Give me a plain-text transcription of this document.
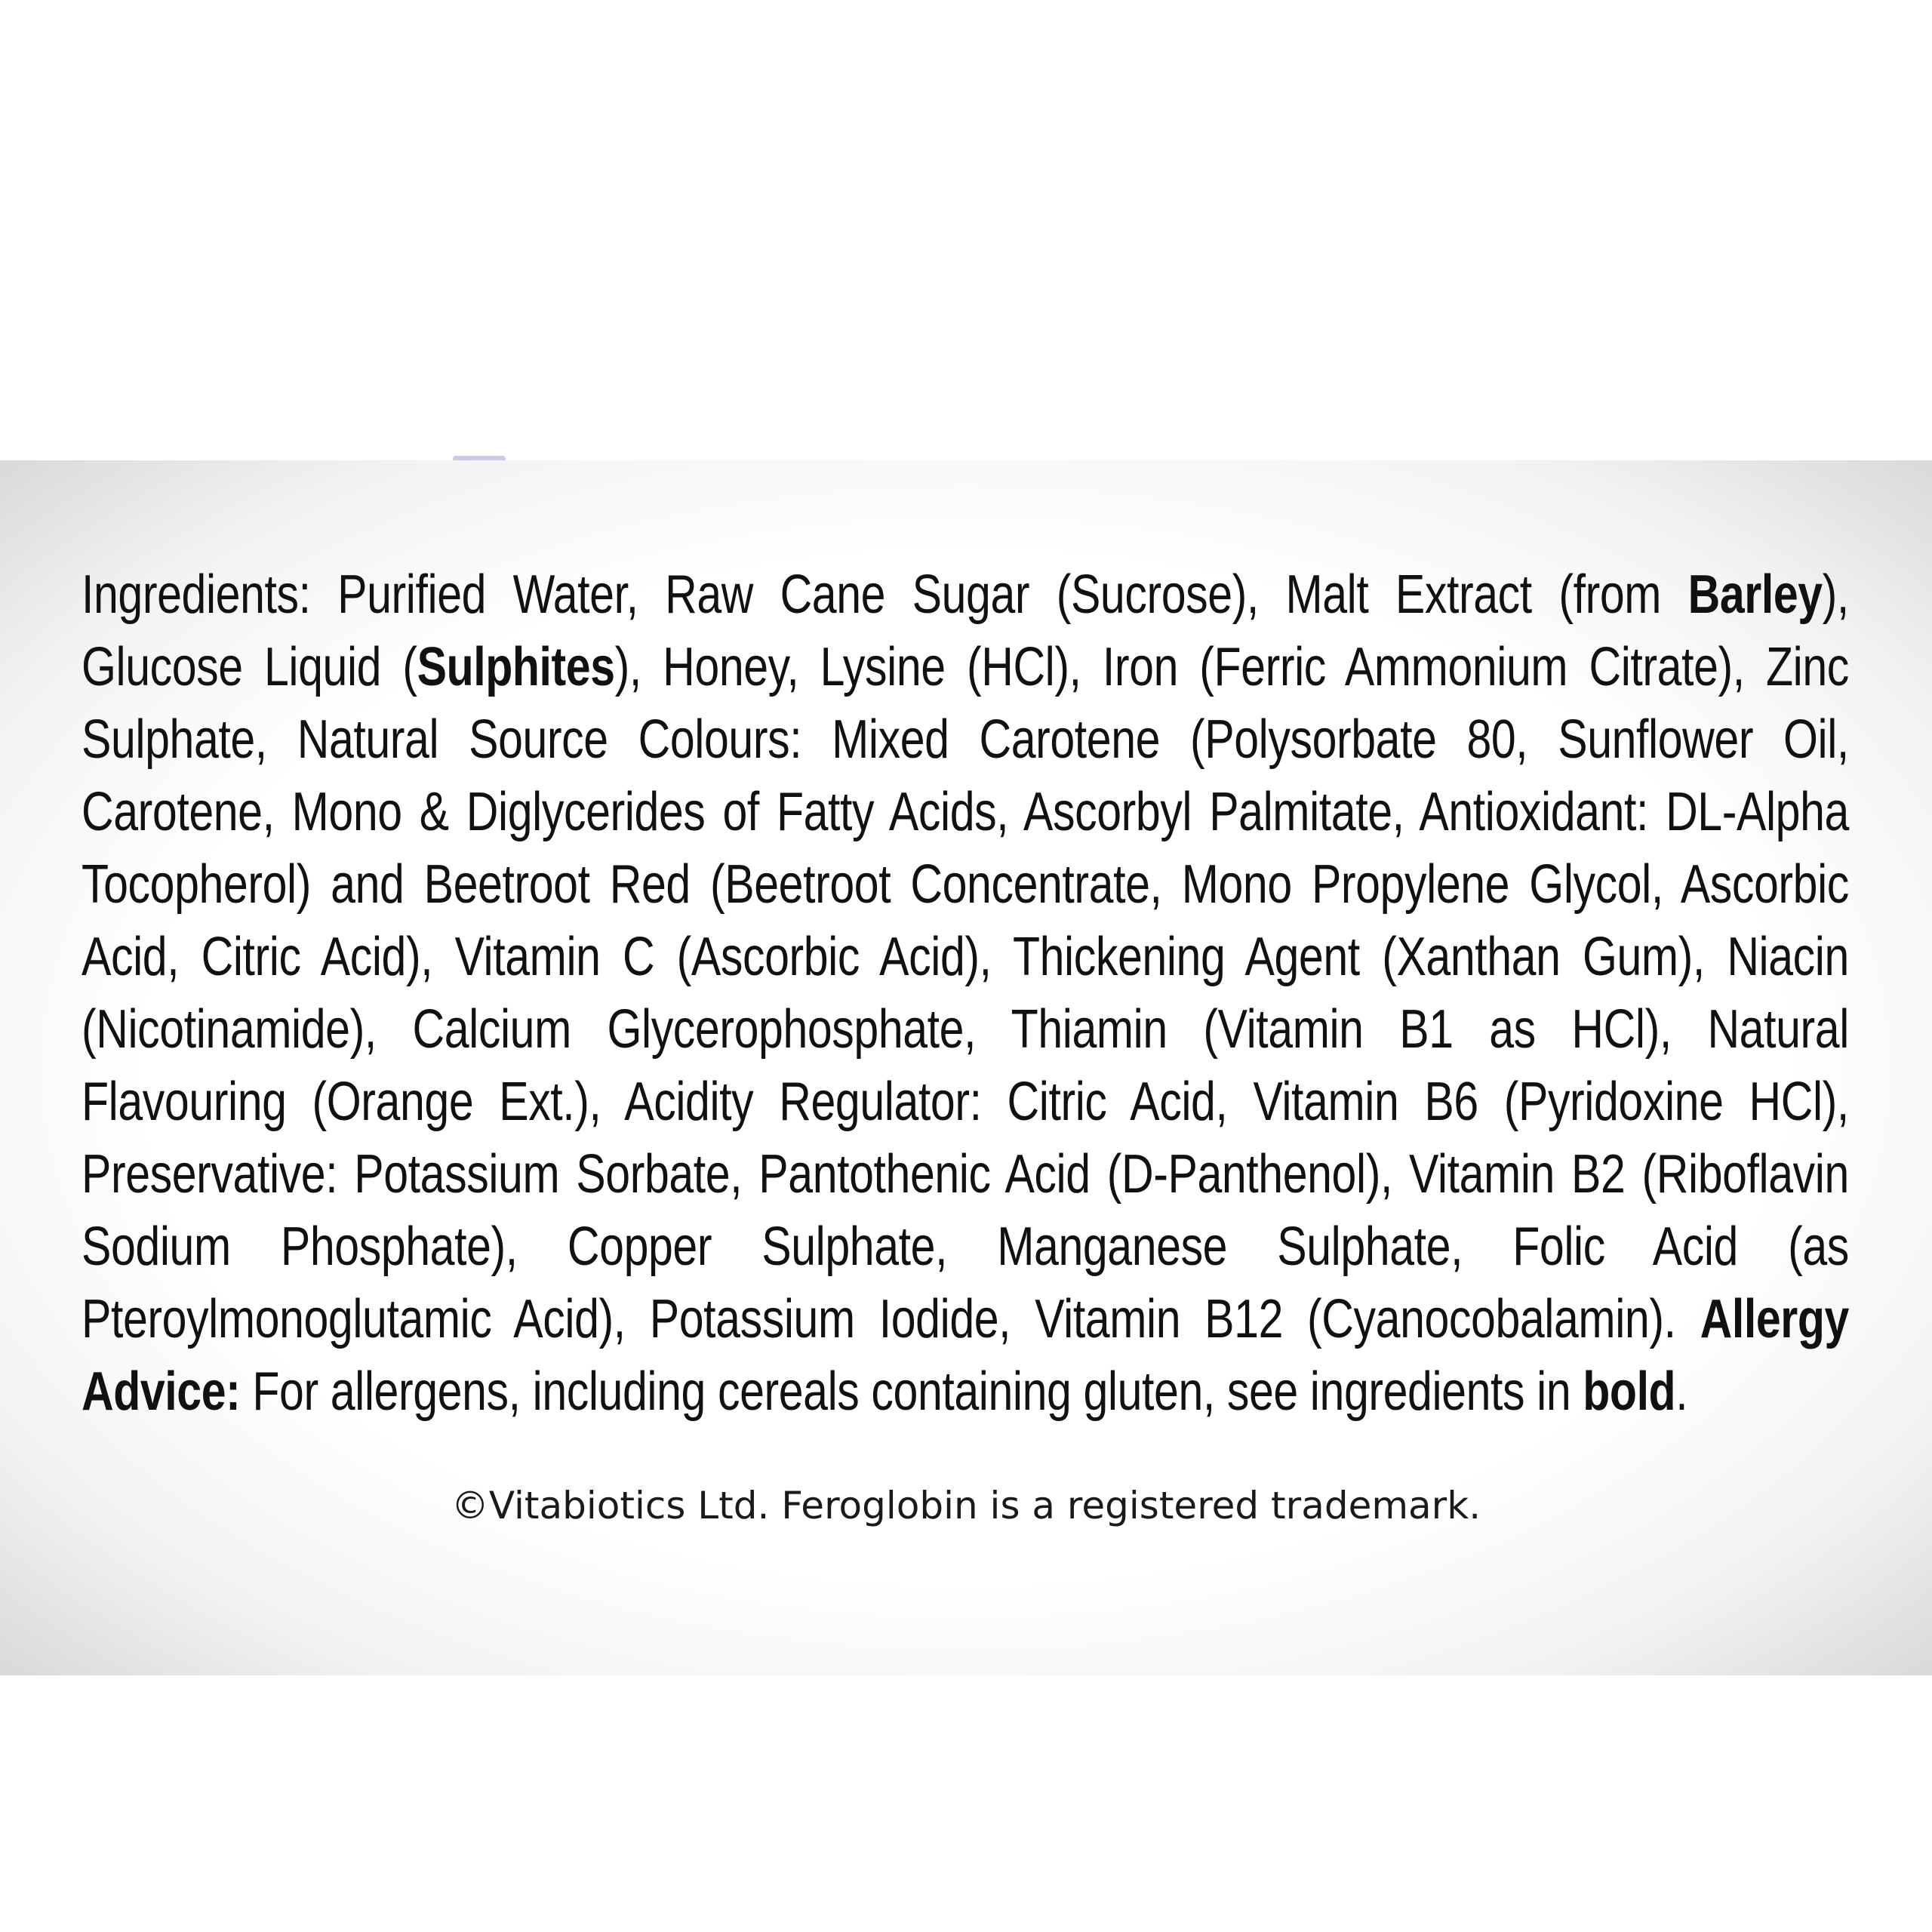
Ingredients: Purified Water, Raw Cane Sugar (Sucrose), Malt Extract (from Barley), Glucose Liquid (Sulphites), Honey, Lysine (HCl), Iron (Ferric Ammonium Citrate), Zinc Sulphate, Natural Source Colours: Mixed Carotene (Polysorbate 80, Sunflower Oil, Carotene, Mono & Diglycerides of Fatty Acids, Ascorbyl Palmitate, Antioxidant: DL-Alpha Tocopherol) and Beetroot Red (Beetroot Concentrate, Mono Propylene Glycol, Ascorbic Acid, Citric Acid), Vitamin C (Ascorbic Acid), Thickening Agent (Xanthan Gum), Niacin (Nicotinamide), Calcium Glycerophosphate, Thiamin (Vitamin B1 as HCl), Natural Flavouring (Orange Ext.), Acidity Regulator: Citric Acid, Vitamin B6 (Pyridoxine HCl), Preservative: Potassium Sorbate, Pantothenic Acid (D-Panthenol), Vitamin B2 (Riboflavin Sodium Phosphate), Copper Sulphate, Manganese Sulphate, Folic Acid (as Pteroylmonoglutamic Acid), Potassium Iodide, Vitamin B12 (Cyanocobalamin). Allergy Advice: For allergens, including cereals containing gluten, see ingredients in bold.

©Vitabiotics Ltd. Feroglobin is a registered trademark.
